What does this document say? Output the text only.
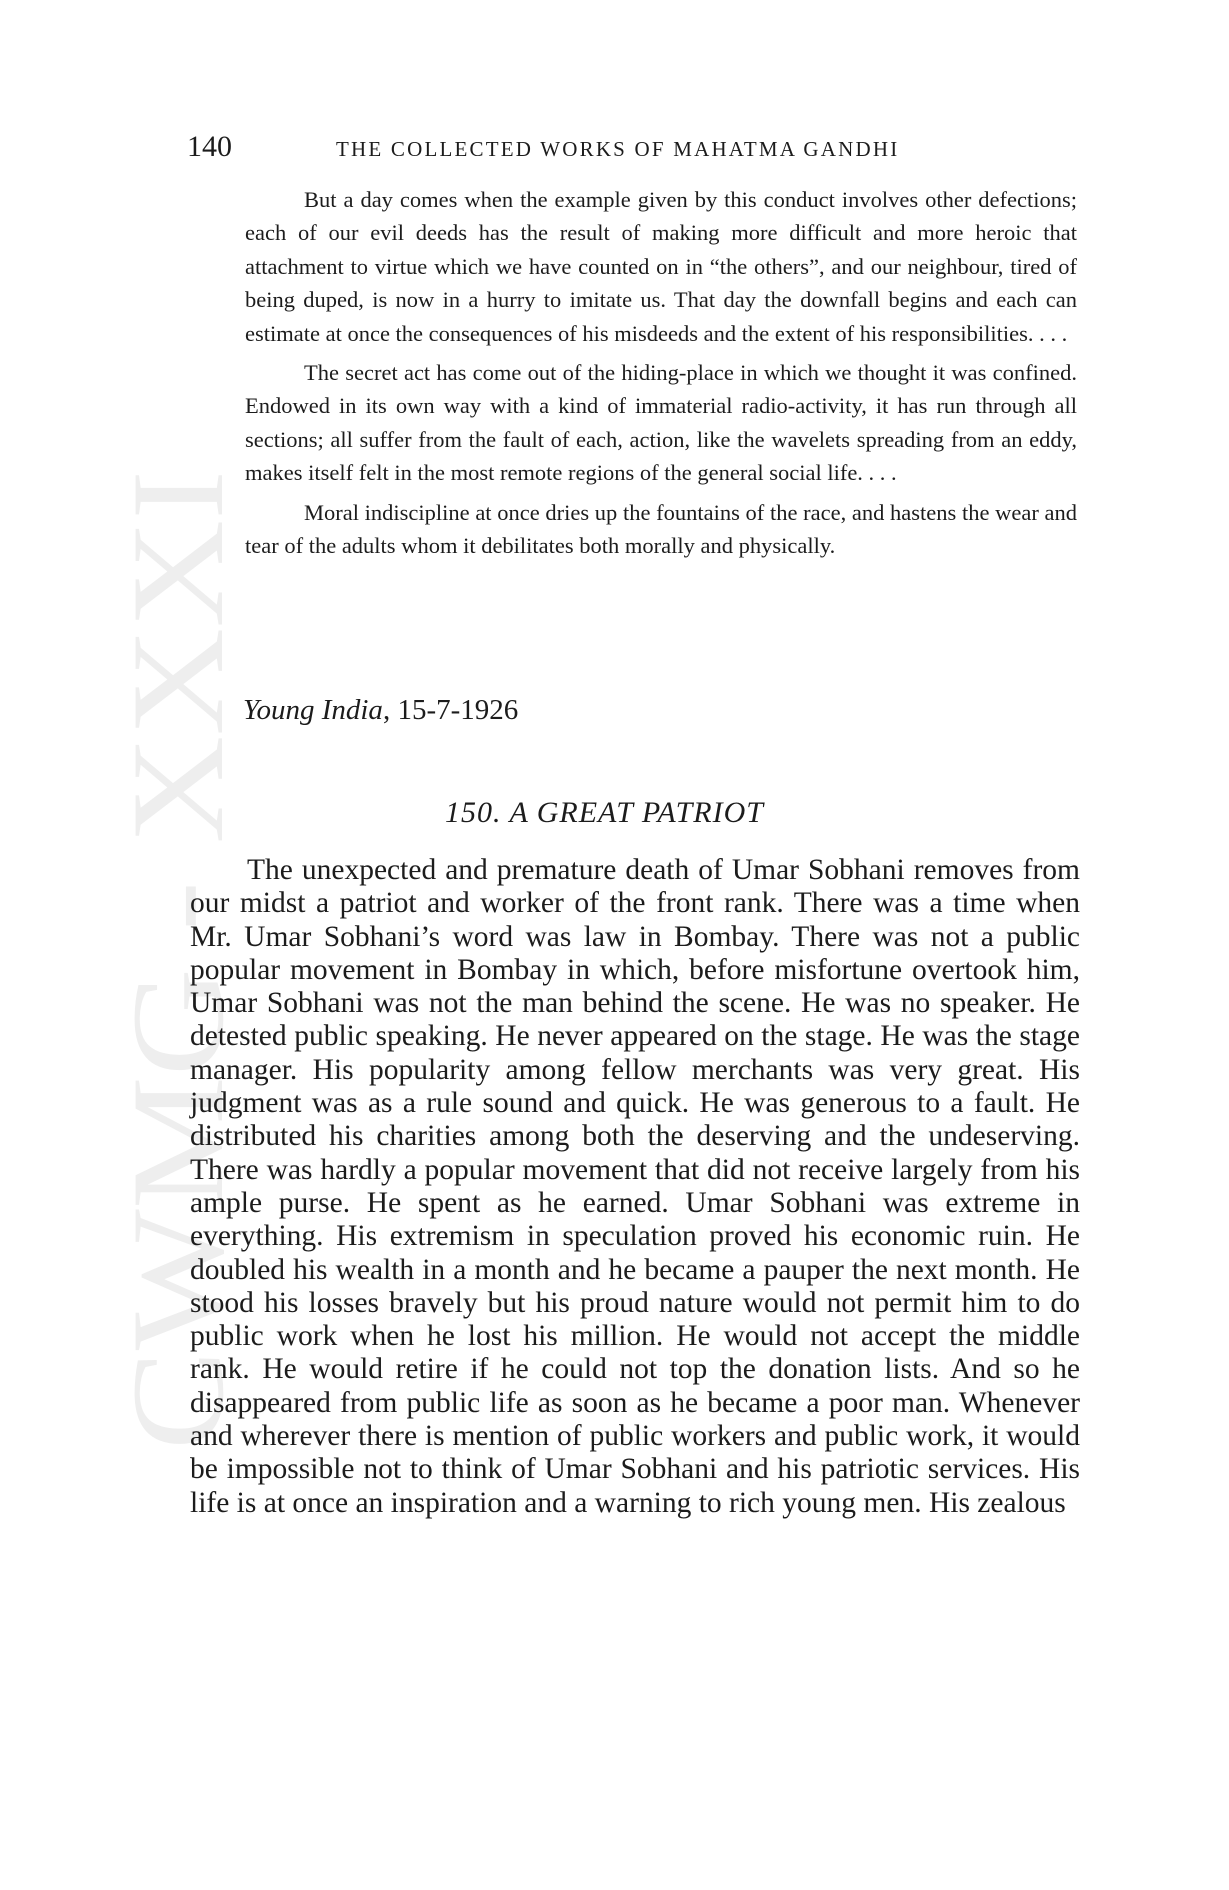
CWMG - XXXI
140	THE COLLECTED WORKS OF MAHATMA GANDHI

But a day comes when the example given by this conduct involves other defections; each of our evil deeds has the result of making more difficult and more heroic that attachment to virtue which we have counted on in “the others”, and our neighbour, tired of being duped, is now in a hurry to imitate us. That day the downfall begins and each can estimate at once the consequences of his misdeeds and the extent of his responsibilities. . . .

The secret act has come out of the hiding-place in which we thought it was confined. Endowed in its own way with a kind of immaterial radio-activity, it has run through all sections; all suffer from the fault of each, action, like the wavelets spreading from an eddy, makes itself felt in the most remote regions of the general social life. . . .

Moral indiscipline at once dries up the fountains of the race, and hastens the wear and tear of the adults whom it debilitates both morally and physically.

Young India, 15-7-1926
150. A GREAT PATRIOT

The unexpected and premature death of Umar Sobhani removes from our midst a patriot and worker of the front rank. There was a time when Mr. Umar Sobhani’s word was law in Bombay. There was not a public popular movement in Bombay in which, before misfortune overtook him, Umar Sobhani was not the man behind the scene. He was no speaker. He detested public speaking. He never appeared on the stage. He was the stage manager. His popularity among fellow merchants was very great. His judgment was as a rule sound and quick. He was generous to a fault. He distributed his charities among both the deserving and the undeserving. There was hardly a popular movement that did not receive largely from his ample purse. He spent as he earned. Umar Sobhani was extreme in everything. His extremism in speculation proved his economic ruin. He doubled his wealth in a month and he became a pauper the next month. He stood his losses bravely but his proud nature would not permit him to do public work when he lost his million. He would not accept the middle rank. He would retire if he could not top the donation lists. And so he disappeared from public life as soon as he became a poor man. Whenever and wherever there is mention of public workers and public work, it would be impossible not to think of Umar Sobhani and his patriotic services. His life is at once an inspiration and a warning to rich young men. His zealous
